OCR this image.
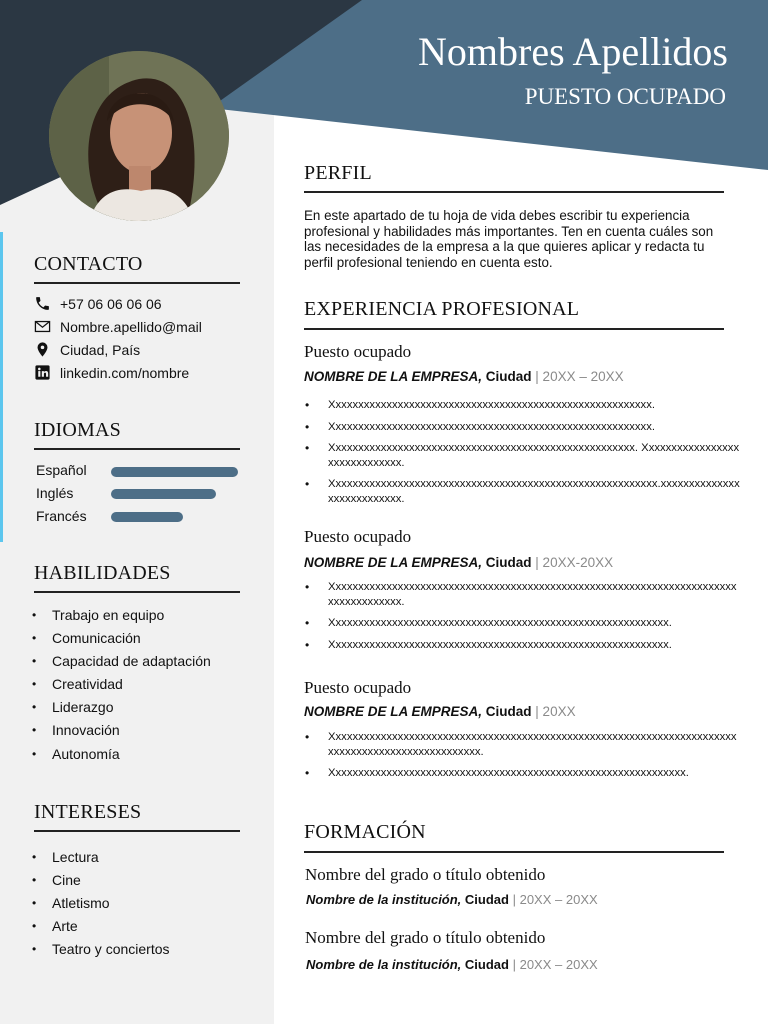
Nombres Apellidos
PUESTO OCUPADO
CONTACTO
+57 06 06 06 06
Nombre.apellido@mail
Ciudad, País
linkedin.com/nombre
IDIOMAS
Español
Inglés
Francés
HABILIDADES
• Trabajo en equipo
• Comunicación
• Capacidad de adaptación
• Creatividad
• Liderazgo
• Innovación
• Autonomía
INTERESES
• Lectura
• Cine
• Atletismo
• Arte
• Teatro y conciertos
PERFIL
En este apartado de tu hoja de vida debes escribir tu experiencia profesional y habilidades más importantes. Ten en cuenta cuáles son las necesidades de la empresa a la que quieres aplicar y redacta tu perfil profesional teniendo en cuenta esto.
EXPERIENCIA PROFESIONAL
Puesto ocupado
NOMBRE DE LA EMPRESA, Ciudad | 20XX – 20XX
• Xxxxxxxxxxxxxxxxxxxxxxxxxxxxxxxxxxxxxxxxxxxxxxxxxxxxxxxxx.
• Xxxxxxxxxxxxxxxxxxxxxxxxxxxxxxxxxxxxxxxxxxxxxxxxxxxxxxxxx.
• Xxxxxxxxxxxxxxxxxxxxxxxxxxxxxxxxxxxxxxxxxxxxxxxxxxxxxx. Xxxxxxxxxxxxxxxxxxxxxxxxxxxxxx.
• Xxxxxxxxxxxxxxxxxxxxxxxxxxxxxxxxxxxxxxxxxxxxxxxxxxxxxxxxxx.xxxxxxxxxxxxxxxxxxxxxxxxxxx.
Puesto ocupado
NOMBRE DE LA EMPRESA, Ciudad | 20XX-20XX
• Xxxxxxxxxxxxxxxxxxxxxxxxxxxxxxxxxxxxxxxxxxxxxxxxxxxxxxxxxxxxxxxxxxxxxxxxxxxxxxxxxxxxx.
• Xxxxxxxxxxxxxxxxxxxxxxxxxxxxxxxxxxxxxxxxxxxxxxxxxxxxxxxxxxxx.
• Xxxxxxxxxxxxxxxxxxxxxxxxxxxxxxxxxxxxxxxxxxxxxxxxxxxxxxxxxxxx.
Puesto ocupado
NOMBRE DE LA EMPRESA, Ciudad | 20XX
• Xxxxxxxxxxxxxxxxxxxxxxxxxxxxxxxxxxxxxxxxxxxxxxxxxxxxxxxxxxxxxxxxxxxxxxxxxxxxxxxxxxxxxxxxxxxxxxxxxxx.
• Xxxxxxxxxxxxxxxxxxxxxxxxxxxxxxxxxxxxxxxxxxxxxxxxxxxxxxxxxxxxxxx.
FORMACIÓN
Nombre del grado o título obtenido
Nombre de la institución, Ciudad | 20XX – 20XX
Nombre del grado o título obtenido
Nombre de la institución, Ciudad | 20XX – 20XX
